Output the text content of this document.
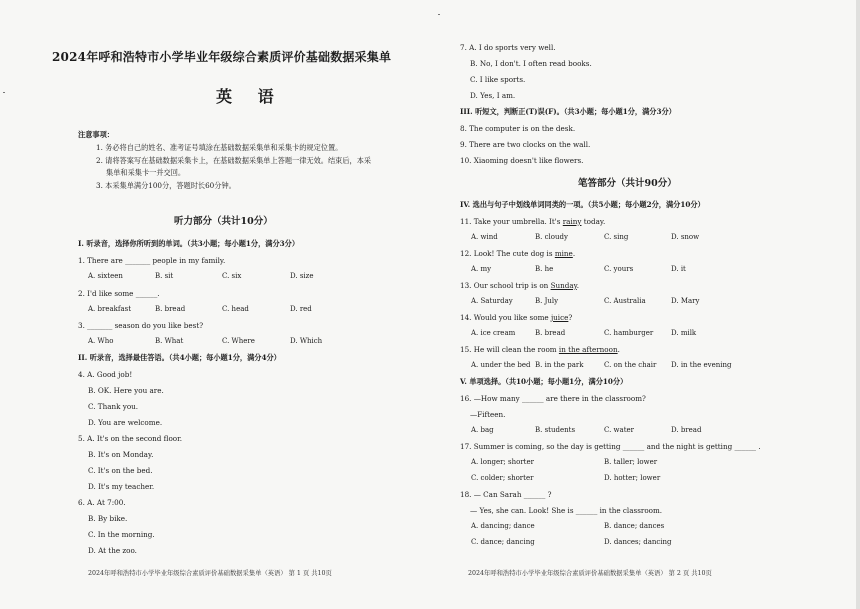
2024年呼和浩特市小学毕业年级综合素质评价基础数据采集单
英 语
注意事项：
1. 务必将自己的姓名、准考证号填涂在基础数据采集单和采集卡的规定位置。
2. 请将答案写在基础数据采集卡上，在基础数据采集单上答题一律无效。结束后，本采
集单和采集卡一并交回。
3. 本采集单满分100分，答题时长60分钟。
听力部分（共计10分）
I. 听录音，选择你所听到的单词。（共3小题；每小题1分，满分3分）
1. There are _______ people in my family.
A. sixteen	B. sit	C. six	D. size
2. I'd like some ______.
A. breakfast	B. bread	C. head	D. red
3. _______ season do you like best?
A. Who	B. What	C. Where	D. Which
II. 听录音，选择最佳答语。（共4小题；每小题1分，满分4分）
4. A. Good job!
B. OK. Here you are.
C. Thank you.
D. You are welcome.
5. A. It's on the second floor.
B. It's on Monday.
C. It's on the bed.
D. It's my teacher.
6. A. At 7:00.
B. By bike.
C. In the morning.
D. At the zoo.
2024年呼和浩特市小学毕业年级综合素质评价基础数据采集单（英语） 第 1 页 共10页
7. A. I do sports very well.
B. No, I don't. I often read books.
C. I like sports.
D. Yes, I am.
III. 听短文，判断正(T)误(F)。（共3小题；每小题1分，满分3分）
8. The computer is on the desk.
9. There are two clocks on the wall.
10. Xiaoming doesn't like flowers.
笔答部分（共计90分）
IV. 选出与句子中划线单词同类的一项。（共5小题；每小题2分，满分10分）
11. Take your umbrella. It's rainy today.
A. wind	B. cloudy	C. sing	D. snow
12. Look! The cute dog is mine.
A. my	B. he	C. yours	D. it
13. Our school trip is on Sunday.
A. Saturday	B. July	C. Australia	D. Mary
14. Would you like some juice?
A. ice cream	B. bread	C. hamburger	D. milk
15. He will clean the room in the afternoon.
A. under the bed B. in the park	C. on the chair D. in the evening
V. 单项选择。（共10小题；每小题1分，满分10分）
16. —How many ______ are there in the classroom?
—Fifteen.
A. bag	B. students	C. water	D. bread
17. Summer is coming, so the day is getting ______ and the night is getting ______ .
A. longer; shorter	B. taller; lower
C. colder; shorter	D. hotter; lower
18. — Can Sarah ______ ?
— Yes, she can. Look! She is ______ in the classroom.
A. dancing; dance	B. dance; dances
C. dance; dancing	D. dances; dancing
2024年呼和浩特市小学毕业年级综合素质评价基础数据采集单（英语） 第 2 页 共10页
